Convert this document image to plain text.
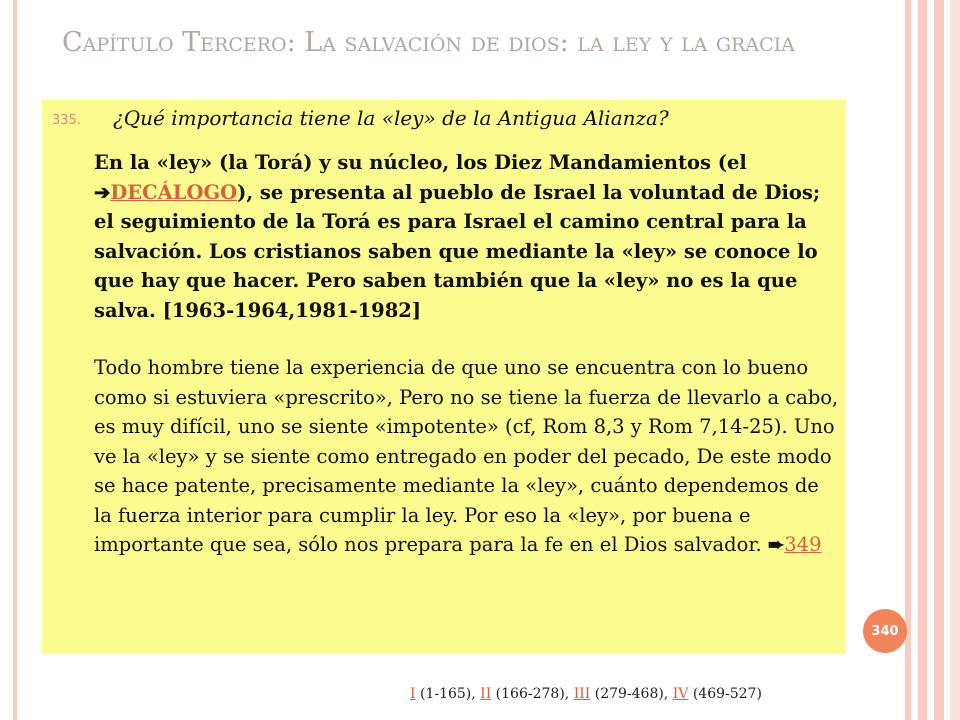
Capítulo Tercero: La salvación de dios: la ley y la gracia
335. ¿Qué importancia tiene la «ley» de la Antigua Alianza?

En la «ley» (la Torá) y su núcleo, los Diez Mandamientos (el ➔DECÁLOGO), se presenta al pueblo de Israel la voluntad de Dios; el seguimiento de la Torá es para Israel el camino central para la salvación. Los cristianos saben que mediante la «ley» se conoce lo que hay que hacer. Pero saben también que la «ley» no es la que salva. [1963-1964,1981-1982]

Todo hombre tiene la experiencia de que uno se encuentra con lo bueno como si estuviera «prescrito», Pero no se tiene la fuerza de llevarlo a cabo, es muy difícil, uno se siente «impotente» (cf, Rom 8,3 y Rom 7,14-25). Uno ve la «ley» y se siente como entregado en poder del pecado, De este modo se hace patente, precisamente mediante la «ley», cuánto dependemos de la fuerza interior para cumplir la ley. Por eso la «ley», por buena e importante que sea, sólo nos prepara para la fe en el Dios salvador. ➨349

340
I (1-165), II (166-278), III (279-468), IV (469-527)
